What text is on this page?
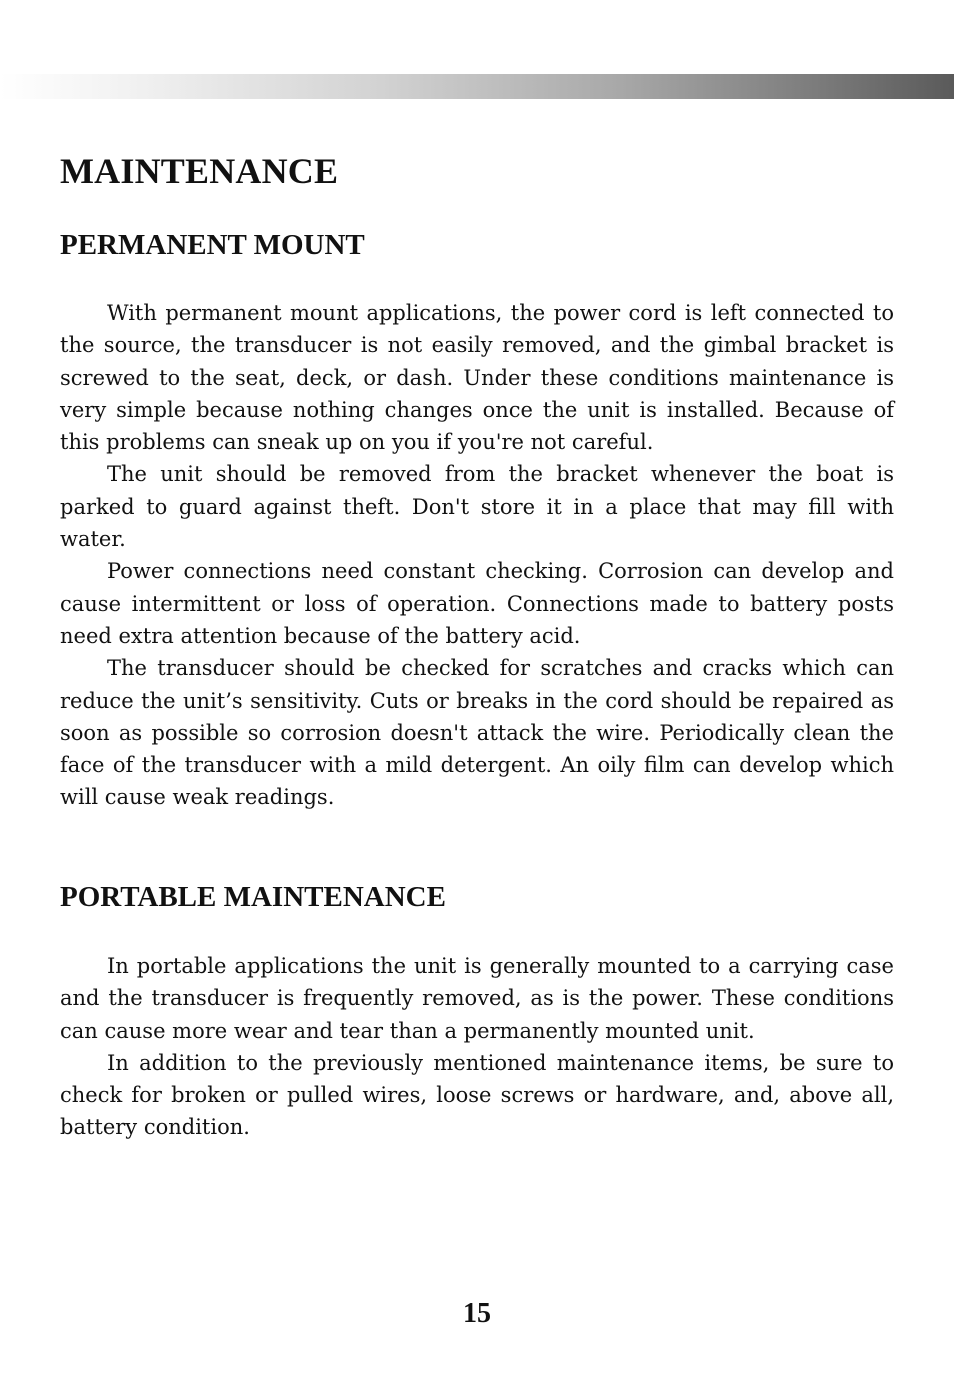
MAINTENANCE
PERMANENT MOUNT

With permanent mount applications, the power cord is left connected to the source, the transducer is not easily removed, and the gimbal bracket is screwed to the seat, deck, or dash. Under these conditions maintenance is very simple because nothing changes once the unit is installed. Because of this problems can sneak up on you if you're not careful.

The unit should be removed from the bracket whenever the boat is parked to guard against theft. Don't store it in a place that may fill with water.

Power connections need constant checking. Corrosion can develop and cause intermittent or loss of operation. Connections made to battery posts need extra attention because of the battery acid.

The transducer should be checked for scratches and cracks which can reduce the unit’s sensitivity. Cuts or breaks in the cord should be repaired as soon as possible so corrosion doesn't attack the wire. Periodically clean the face of the transducer with a mild detergent. An oily film can develop which will cause weak readings.

PORTABLE MAINTENANCE

In portable applications the unit is generally mounted to a carrying case and the transducer is frequently removed, as is the power. These conditions can cause more wear and tear than a permanently mounted unit.

In addition to the previously mentioned maintenance items, be sure to check for broken or pulled wires, loose screws or hardware, and, above all, battery condition.

15
